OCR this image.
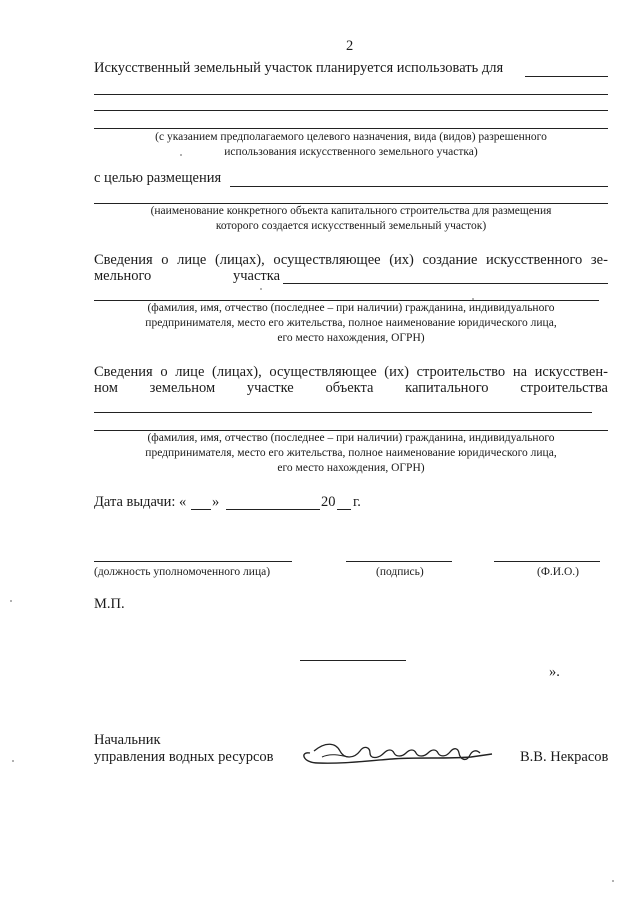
2
Искусственный земельный участок планируется использовать для
(с указанием предполагаемого целевого назначения, вида (видов) разрешенного
использования искусственного земельного участка)
с целью размещения
(наименование конкретного объекта капитального строительства для размещения
которого создается искусственный земельный участок)
Сведения о лице (лицах), осуществляющее (их) создание искусственного зе-
мельного	участка
(фамилия, имя, отчество (последнее – при наличии) гражданина, индивидуального
предпринимателя, место его жительства, полное наименование юридического лица,
его место нахождения, ОГРН)
Сведения о лице (лицах), осуществляющее (их) строительство на искусствен-
ном земельном участке объекта капитального строительства
(фамилия, имя, отчество (последнее – при наличии) гражданина, индивидуального
предпринимателя, место его жительства, полное наименование юридического лица,
его место нахождения, ОГРН)
Дата выдачи: « »	20 г.
(должность уполномоченного лица)	(подпись)	(Ф.И.О.)
М.П.
».
Начальник
управления водных ресурсов	В.В. Некрасов
